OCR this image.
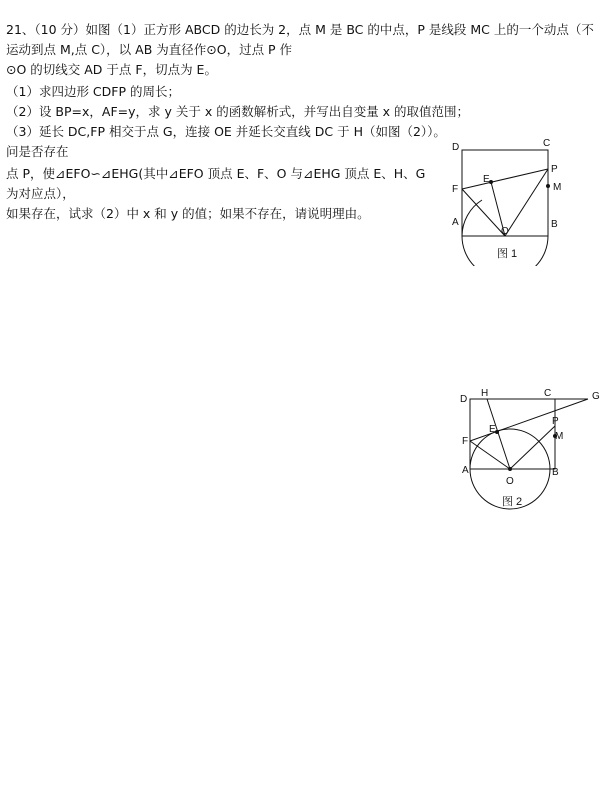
21、（10 分）如图（1）正方形 ABCD 的边长为 2，点 M 是 BC 的中点，P 是线段 MC 上的一个动点（不
运动到点 M,点 C），以 AB 为直径作⊙O，过点 P 作
⊙O 的切线交 AD 于点 F，切点为 E。
（1）求四边形 CDFP 的周长；
（2）设 BP=x，AF=y，求 y 关于 x 的函数解析式，并写出自变量 x 的取值范围；
（3）延长 DC,FP 相交于点 G，连接 OE 并延长交直线 DC 于 H（如图（2））。
问是否存在
点 P，使⊿EFO∽⊿EHG(其中⊿EFO 顶点 E、F、O 与⊿EHG 顶点 E、H、G
为对应点），
如果存在，试求（2）中 x 和 y 的值；如果不存在，请说明理由。
D	C
P
M
E
F
A	B
O
图 1
D
H	C	G
P
M
E
F
A	B
O
图 2
